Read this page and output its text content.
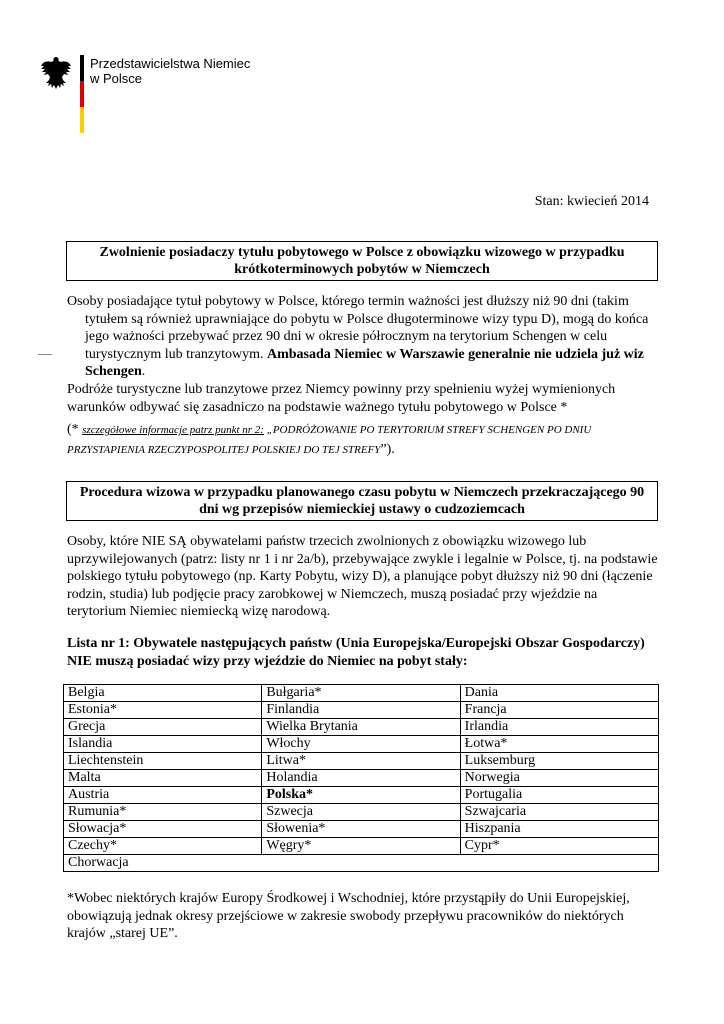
Przedstawicielstwa Niemiec
w Polsce
Stan: kwiecień 2014
Zwolnienie posiadaczy tytułu pobytowego w Polsce z obowiązku wizowego w przypadku krótkoterminowych pobytów w Niemczech

Osoby posiadające tytuł pobytowy w Polsce, którego termin ważności jest dłuższy niż 90 dni (takim tytułem są również uprawniające do pobytu w Polsce długoterminowe wizy typu D), mogą do końca jego ważności przebywać przez 90 dni w okresie półrocznym na terytorium Schengen w celu turystycznym lub tranzytowym. Ambasada Niemiec w Warszawie generalnie nie udziela już wiz Schengen.

Podróże turystyczne lub tranzytowe przez Niemcy powinny przy spełnieniu wyżej wymienionych warunków odbywać się zasadniczo na podstawie ważnego tytułu pobytowego w Polsce *

(* szczegółowe informacje patrz punkt nr 2: „PODRÓŻOWANIE PO TERYTORIUM STREFY SCHENGEN PO DNIU PRZYSTAPIENIA RZECZYPOSPOLITEJ POLSKIEJ DO TEJ STREFY”).

Procedura wizowa w przypadku planowanego czasu pobytu w Niemczech przekraczającego 90 dni wg przepisów niemieckiej ustawy o cudzoziemcach
Osoby, które NIE SĄ obywatelami państw trzecich zwolnionych z obowiązku wizowego lub uprzywilejowanych (patrz: listy nr 1 i nr 2a/b), przebywające zwykle i legalnie w Polsce, tj. na podstawie polskiego tytułu pobytowego (np. Karty Pobytu, wizy D), a planujące pobyt dłuższy niż 90 dni (łączenie rodzin, studia) lub podjęcie pracy zarobkowej w Niemczech, muszą posiadać przy wjeździe na terytorium Niemiec niemiecką wizę narodową.
Lista nr 1: Obywatele następujących państw (Unia Europejska/Europejski Obszar Gospodarczy) NIE muszą posiadać wizy przy wjeździe do Niemiec na pobyt stały:
Belgia	Bułgaria*	Dania
Estonia*	Finlandia	Francja
Grecja	Wielka Brytania	Irlandia
Islandia	Włochy	Łotwa*
Liechtenstein	Litwa*	Luksemburg
Malta	Holandia	Norwegia
Austria	Polska*	Portugalia
Rumunia*	Szwecja	Szwajcaria
Słowacja*	Słowenia*	Hiszpania
Czechy*	Węgry*	Cypr*
Chorwacja		
*Wobec niektórych krajów Europy Środkowej i Wschodniej, które przystąpiły do Unii Europejskiej, obowiązują jednak okresy przejściowe w zakresie swobody przepływu pracowników do niektórych krajów „starej UE”.
